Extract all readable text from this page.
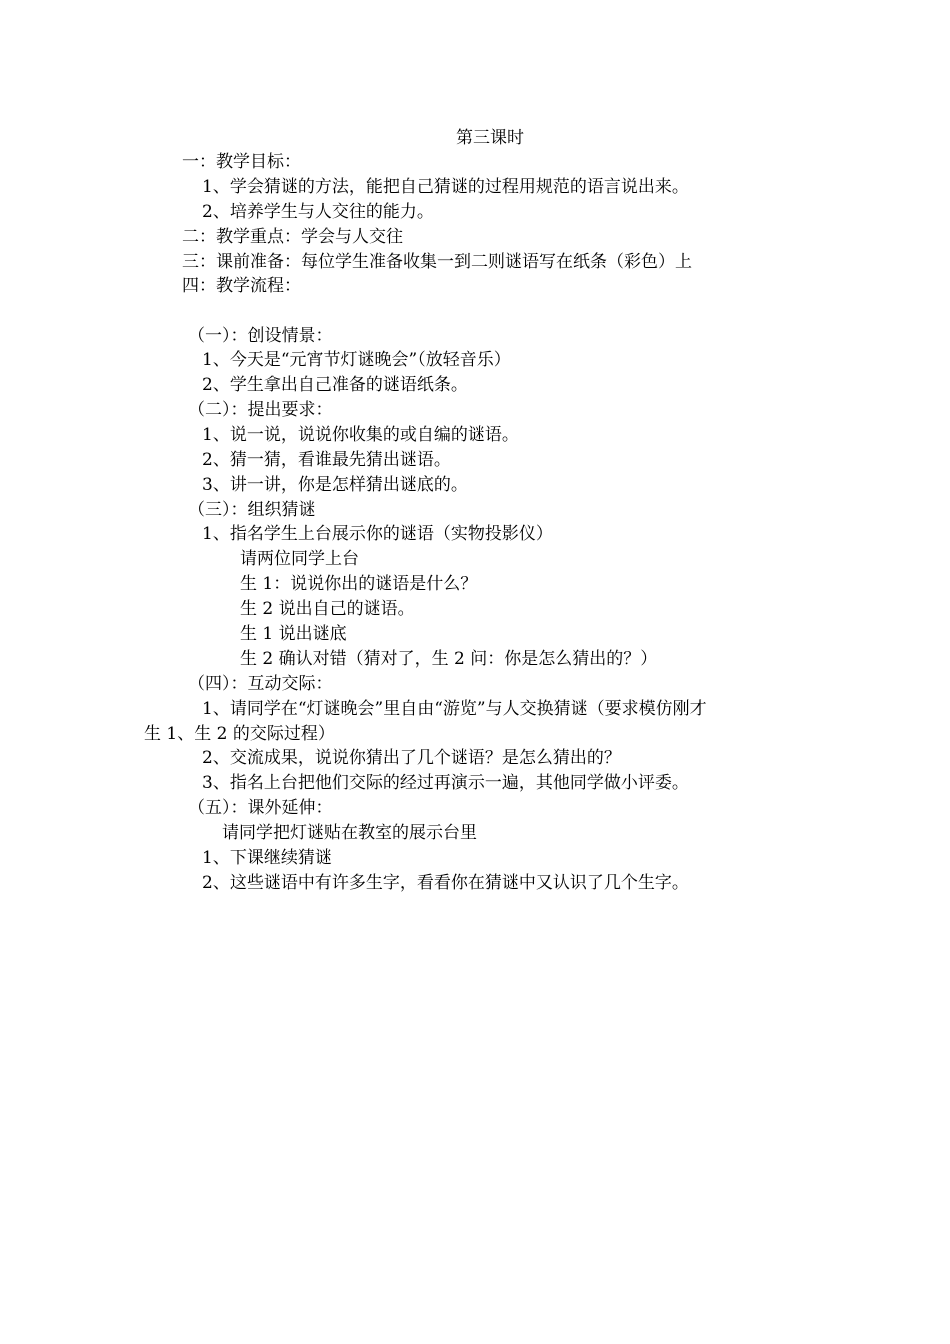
第三课时
一：教学目标：
1、学会猜谜的方法，能把自己猜谜的过程用规范的语言说出来。
2、培养学生与人交往的能力。
二：教学重点：学会与人交往
三：课前准备：每位学生准备收集一到二则谜语写在纸条（彩色）上
四：教学流程：
（一）：创设情景：
1、今天是“元宵节灯谜晚会”（放轻音乐）
2、学生拿出自己准备的谜语纸条。
（二）：提出要求：
1、说一说，说说你收集的或自编的谜语。
2、猜一猜，看谁最先猜出谜语。
3、讲一讲，你是怎样猜出谜底的。
（三）：组织猜谜
1、指名学生上台展示你的谜语（实物投影仪）
请两位同学上台
生 1：说说你出的谜语是什么？
生 2 说出自己的谜语。
生 1 说出谜底
生 2 确认对错（猜对了，生 2 问：你是怎么猜出的？）
（四）：互动交际：
1、请同学在“灯谜晚会”里自由“游览”与人交换猜谜（要求模仿刚才
生 1、生 2 的交际过程）
2、交流成果，说说你猜出了几个谜语？是怎么猜出的？
3、指名上台把他们交际的经过再演示一遍，其他同学做小评委。
（五）：课外延伸：
请同学把灯谜贴在教室的展示台里
1、下课继续猜谜
2、这些谜语中有许多生字，看看你在猜谜中又认识了几个生字。
